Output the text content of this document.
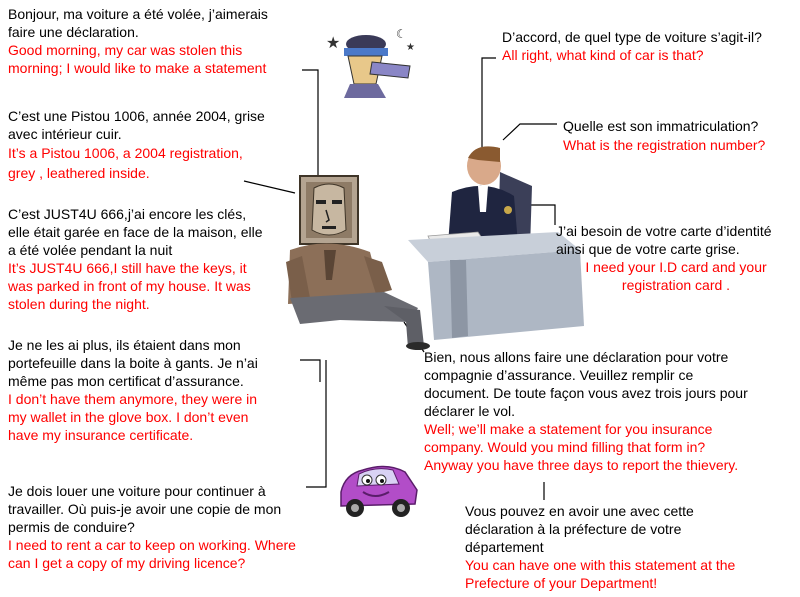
★	☾
★
Bonjour, ma voiture a été volée, j’aimerais
faire une déclaration.
Good morning, my car was stolen this
morning; I would like to make a statement
D’accord, de quel type de voiture s’agit-il?
All right, what kind of car is that?
C’est une Pistou 1006, année 2004, grise
avec intérieur cuir.
It’s a Pistou 1006, a 2004 registration,
grey , leathered inside.
Quelle est son immatriculation?
What is the registration number?
C’est JUST4U 666,j’ai encore les clés,
elle était garée en face de la maison, elle
a été volée pendant la nuit
It’s JUST4U 666,I still have the keys, it
was parked in front of my house. It was
stolen during the night.
J’ai besoin de votre carte d’identité
ainsi que de votre carte grise.
I need your I.D card and your
registration card .
Je ne les ai plus, ils étaient dans mon
portefeuille dans la boite à gants. Je n’ai
même pas mon certificat d’assurance.
I don’t have them anymore, they were in
my wallet in the glove box. I don’t even
have my insurance certificate.
Bien, nous allons faire une déclaration pour votre
compagnie d’assurance. Veuillez remplir ce
document. De toute façon vous avez trois jours pour
déclarer le vol.
Well; we’ll make a statement for you insurance
company. Would you mind filling that form in?
Anyway you have three days to report the thievery.
Je dois louer une voiture pour continuer à
travailler. Où puis-je avoir une copie de mon
permis de conduire?
I need to rent a car to keep on working. Where
can I get a copy of my driving licence?
Vous pouvez en avoir une avec cette
déclaration à la préfecture de votre
département
You can have one with this statement at the
Prefecture of your Department!
